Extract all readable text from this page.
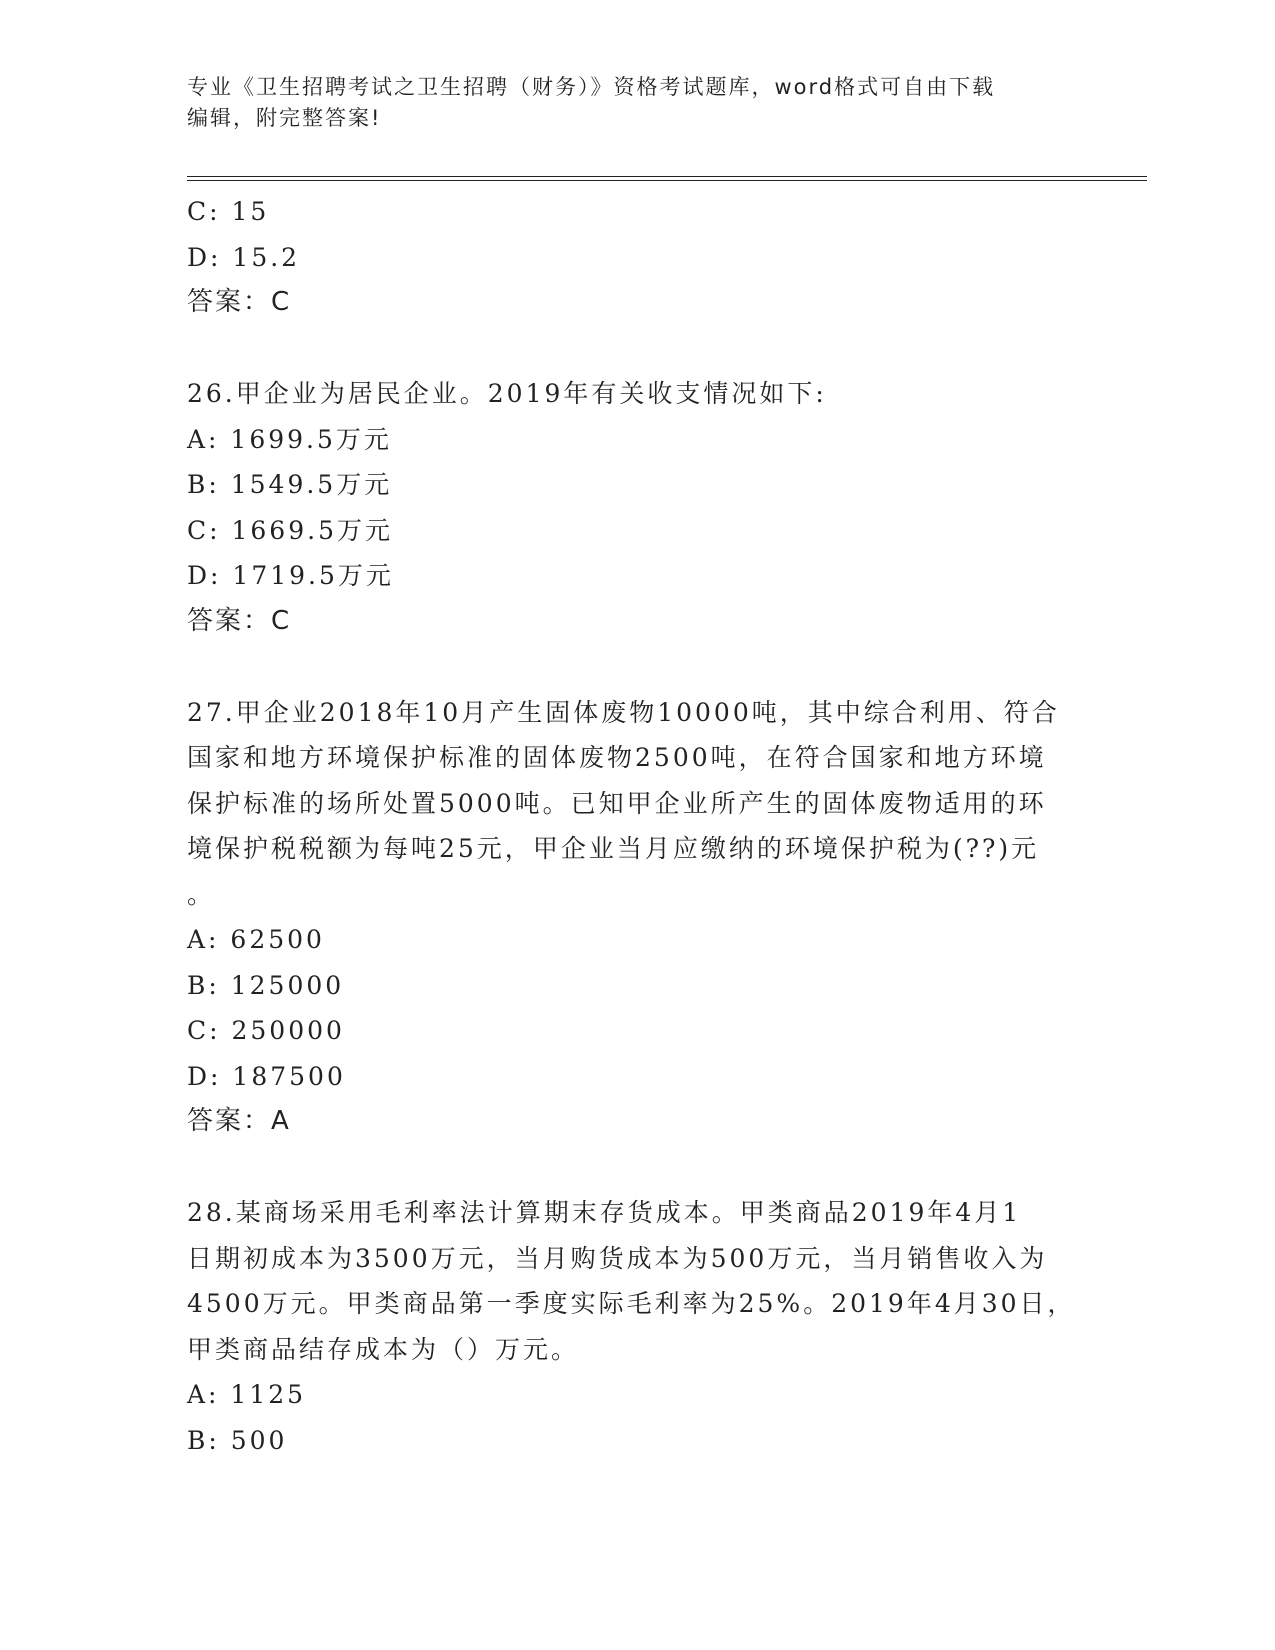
专业《卫生招聘考试之卫生招聘（财务）》资格考试题库，word格式可自由下载
编辑，附完整答案!
C: 15
D: 15.2
答案：C
26.甲企业为居民企业。2019年有关收支情况如下:
A: 1699.5万元
B: 1549.5万元
C: 1669.5万元
D: 1719.5万元
答案：C
27.甲企业2018年10月产生固体废物10000吨，其中综合利用、符合
国家和地方环境保护标准的固体废物2500吨，在符合国家和地方环境
保护标准的场所处置5000吨。已知甲企业所产生的固体废物适用的环
境保护税税额为每吨25元，甲企业当月应缴纳的环境保护税为(??)元
。
A: 62500
B: 125000
C: 250000
D: 187500
答案：A
28.某商场采用毛利率法计算期末存货成本。甲类商品2019年4月1
日期初成本为3500万元，当月购货成本为500万元，当月销售收入为
4500万元。甲类商品第一季度实际毛利率为25%。2019年4月30日，
甲类商品结存成本为（）万元。
A: 1125
B: 500
